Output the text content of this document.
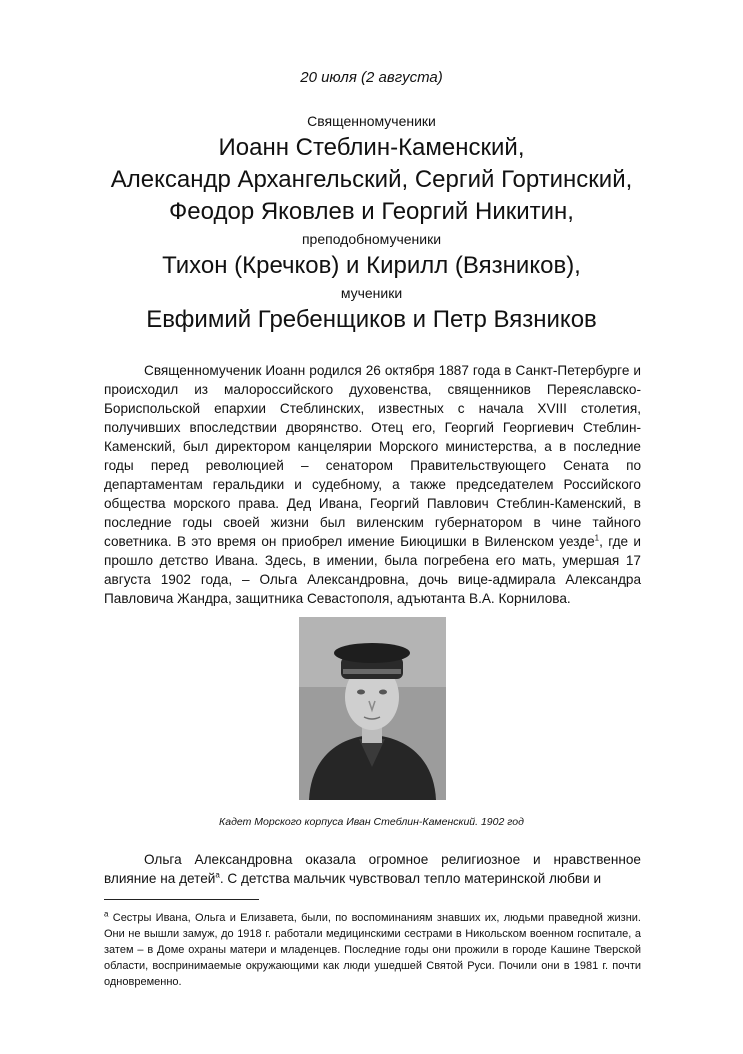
20 июля (2 августа)
Священномученики
Иоанн Стеблин-Каменский,
Александр Архангельский, Сергий Гортинский,
Феодор Яковлев и Георгий Никитин,
преподобномученики
Тихон (Кречков) и Кирилл (Вязников),
мученики
Евфимий Гребенщиков и Петр Вязников

Священномученик Иоанн родился 26 октября 1887 года в Санкт-Петербурге и происходил из малороссийского духовенства, священников Переяславско-Бориспольской епархии Стеблинских, известных с начала XVIII столетия, получивших впоследствии дворянство. Отец его, Георгий Георгиевич Стеблин-Каменский, был директором канцелярии Морского министерства, а в последние годы перед революцией – сенатором Правительствующего Сената по департаментам геральдики и судебному, а также председателем Российского общества морского права. Дед Ивана, Георгий Павлович Стеблин-Каменский, в последние годы своей жизни был виленским губернатором в чине тайного советника. В это время он приобрел имение Биюцишки в Виленском уезде$^1$, где и прошло детство Ивана. Здесь, в имении, была погребена его мать, умершая 17 августа 1902 года, – Ольга Александровна, дочь вице-адмирала Александра Павловича Жандра, защитника Севастополя, адъютанта В.А. Корнилова.

Кадет Морского корпуса Иван Стеблин-Каменский. 1902 год

Ольга Александровна оказала огромное религиозное и нравственное влияние на детей$^a$. С детства мальчик чувствовал тепло материнской любви и

$^a$ Сестры Ивана, Ольга и Елизавета, были, по воспоминаниям знавших их, людьми праведной жизни. Они не вышли замуж, до 1918 г. работали медицинскими сестрами в Никольском военном госпитале, а затем – в Доме охраны матери и младенцев. Последние годы они прожили в городе Кашине Тверской области, воспринимаемые окружающими как люди ушедшей Святой Руси. Почили они в 1981 г. почти одновременно.
